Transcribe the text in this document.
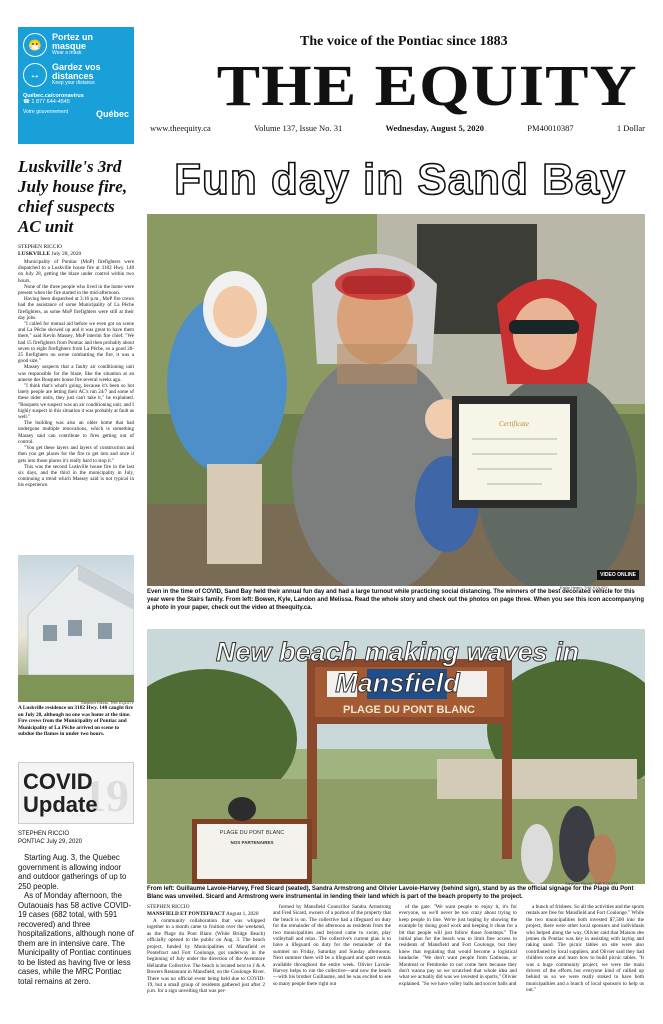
😷
Portez un masque
Wear a mask
↔
Gardez vos distances
Keep your distance
Québec.ca/coronavirus
☎ 1 877 644-4545
Votre gouvernement	Québec
The voice of the Pontiac since 1883
THE EQUITY
www.theequity.ca	Volume 137, Issue No. 31	Wednesday, August 5, 2020	PM40010387	1 Dollar
Luskville's 3rd July house fire, chief suspects AC unit
STEPHEN RICCIO
LUSKVILLE July 28, 2020

Municipality of Pontiac (MoP) firefighters were dispatched to a Luskville house fire at 3182 Hwy. 148 on July 28, getting the blaze under control within two hours.

None of the three people who lived in the home were present when the fire started in the mid-afternoon.

Having been dispatched at 3:16 p.m., MoP fire crews had the assistance of some Municipality of La Pêche firefighters, as some MoP firefighters were still at their day jobs.

"I called for mutual aid before we even got on scene and La Pêche showed up and it was great to have them there," said Kevin Massey, MoP interim fire chief. "We had 15 firefighters from Pontiac and then probably about seven to eight firefighters from La Pêche, so a good 20-25 firefighters on scene combatting the fire, it was a good size."

Massey suspects that a faulty air conditioning unit was responsible for the blaze, like the situation at an annexe des Bosquets house fire several weeks ago.

"I think that's what's going, because it's been so hot lately people are letting their AC's run 24/7 and some of these older units, they just can't take it," he explained. "Bosquets we suspect was an air conditioning unit, and I highly suspect in this situation it was probably at fault as well."

The building was also an older home that had undergone multiple renovations, which is something Massey said can contribute to fires getting out of control.

"You get these layers and layers of construction and then you get places for the fire to get into and once it gets into those places it's really hard to stop it."

This was the second Luskville house fire in the last six days, and the third in the municipality in July, continuing a trend which Massey said is not typical in his experience.

Stephen Riccio, THE EQUITY
A Luskville residence on 3182 Hwy. 148 caught fire on July 28, although no one was home at the time. Fire crews from the Municipality of Pontiac and Municipality of La Pêche arrived on scene to subdue the flames in under two hours.
19
COVID
Update
STEPHEN RICCIO
PONTIAC July 29, 2020

Starting Aug. 3, the Quebec government is allowing indoor and outdoor gatherings of up to 250 people.

As of Monday afternoon, the Outaouais has 58 active COVID-19 cases (682 total, with 591 recovered) and three hospitalizations, although none of them are in intensive care. The Municipality of Pontiac continues to be listed as having five or less cases, while the MRC Pontiac total remains at zero.

Fun day in Sand Bay
Certificate
VIDEO ONLINE
Emily Hearn, THE EQUITY
Even in the time of COVID, Sand Bay held their annual fun day and had a large turnout while practicing social distancing. The winners of the best decorated vehicle for this year were the Stairs family. From left: Bowen, Kyle, Landon and Melissa. Read the whole story and check out the photos on page three. When you see this icon accompanying a photo in your paper, check out the video at theequity.ca.
PLAGE DU PONT BLANC
PLAGE DU PONT BLANC
NOS PARTENAIRES
New beach making waves in Mansfield
Stephen Riccio, THE EQUITY
From left: Guillaume Lavoie-Harvey, Fred Sicard (seated), Sandra Armstrong and Olivier Lavoie-Harvey (behind sign), stand by as the official signage for the Plage du Pont Blanc was unveiled. Sicard and Armstrong were instrumental in lending their land which is part of the beach property to the project.
STEPHEN RICCIO
MANSFIELD ET PONTEFRACT August 1, 2020

A community collaboration that was whipped together in a month came to fruition over the weekend, as the Plage du Pont Blanc (White Bridge Beach) officially opened to the public on Aug. 3. The beach project, funded by Municipalities of Mansfield et Pontefract and Fort Coulonge, got underway in the beginning of July under the direction of the Avenmore Hélianthe Collective. The beach is located next to J & A Bowers Restaurant in Mansfield, on the Coulonge River. There was no official event being held due to COVID-19, but a small group of residents gathered just after 2 p.m. for a sign unveiling that was per-

formed by Mansfield Councillor Sandra Armstrong and Fred Sicard, owners of a portion of the property that the beach is on. The collective had a lifeguard on duty for the remainder of the afternoon as residents from the two municipalities and beyond came to swim, play volleyball and relax. The collective's current plan is to have a lifeguard on duty for the remainder of the summer on Friday, Saturday and Sunday afternoons. Next summer there will be a lifeguard and sport rentals available throughout the entire week. Olivier Lavoie-Harvey helps to run the collective—and now the beach—with his brother Guillaume, and he was excited to see so many people there right out

of the gate. "We want people to enjoy it, it's for everyone, so we'll never be too crazy about trying to keep people in line. We're just hoping by showing the example by doing good work and keeping it clean for a bit that people will just follow those footsteps." The initial plan for the beach was to limit free access to residents of Mansfield and Fort Coulonge, but they knew that regulating that would become a logistical headache. "We don't want people from Gatineau, or Montreal or Pembroke to not come here because they don't wanna pay so we scratched that whole idea and what we actually did was we invested in sports," Olivier explained. "So we have volley balls and soccer balls and

a bunch of frisbees. So all the activities and the sports rentals are free for Mansfield and Fort Coulonge." While the two municipalities both invested $7,500 into the project, there were other local sponsors and individuals who helped along the way. Olivier said that Maison des jeunes du Pontiac was key in assisting with laying and raking sand. The picnic tables on site were also contributed by local suppliers, and Olivier said they had children come and learn how to build picnic tables. "It was a huge community project, we were the main drivers of the efforts but everyone kind of rallied up behind us so we were really stoked to have both municipalities and a bunch of local sponsors to help us out."
